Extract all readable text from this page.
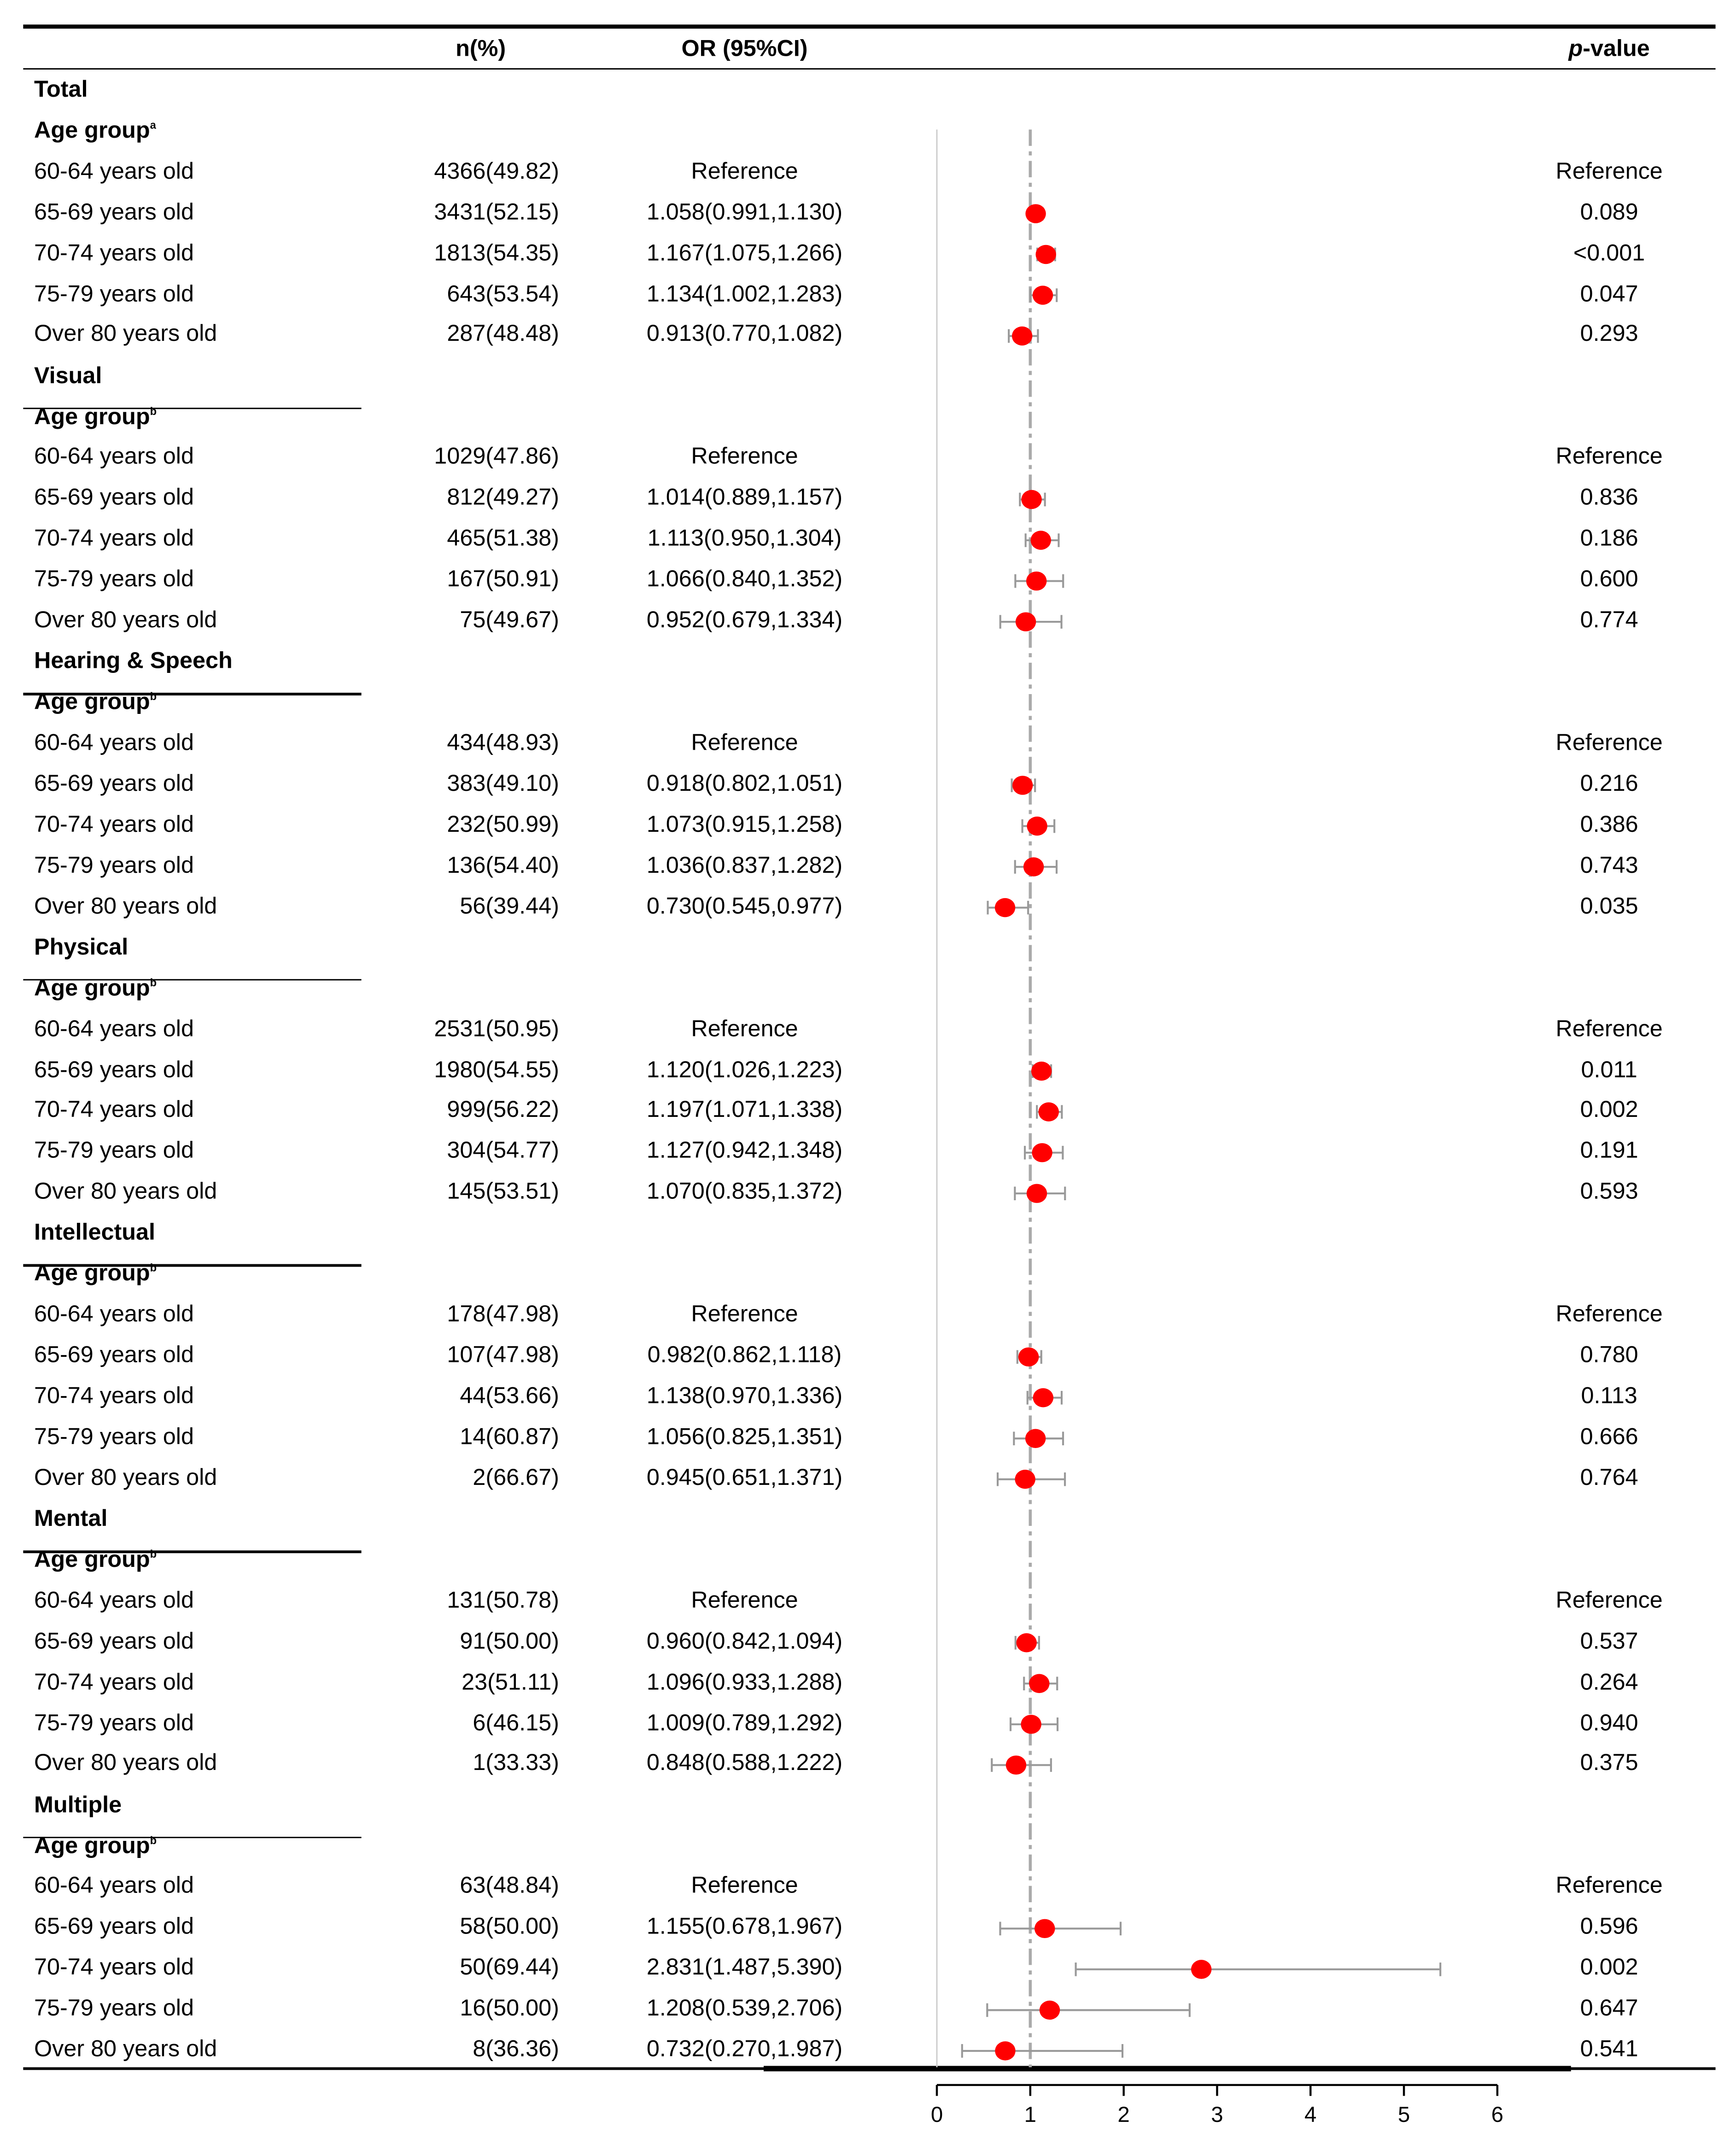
n(%)	OR (95%CI)	p-value
Total
Age group$^a$
60-64 years old	4366(49.82)	Reference	Reference
65-69 years old	3431(52.15)	1.058(0.991,1.130)	0.089
70-74 years old	1813(54.35)	1.167(1.075,1.266)	<0.001
75-79 years old	643(53.54)	1.134(1.002,1.283)	0.047
Over 80 years old	287(48.48)	0.913(0.770,1.082)	0.293
Visual
Age group$^b$
60-64 years old	1029(47.86)	Reference	Reference
65-69 years old	812(49.27)	1.014(0.889,1.157)	0.836
70-74 years old	465(51.38)	1.113(0.950,1.304)	0.186
75-79 years old	167(50.91)	1.066(0.840,1.352)	0.600
Over 80 years old	75(49.67)	0.952(0.679,1.334)	0.774
Hearing & Speech
Age group$^b$
60-64 years old	434(48.93)	Reference	Reference
65-69 years old	383(49.10)	0.918(0.802,1.051)	0.216
70-74 years old	232(50.99)	1.073(0.915,1.258)	0.386
75-79 years old	136(54.40)	1.036(0.837,1.282)	0.743
Over 80 years old	56(39.44)	0.730(0.545,0.977)	0.035
Physical
Age group$^b$
60-64 years old	2531(50.95)	Reference	Reference
65-69 years old	1980(54.55)	1.120(1.026,1.223)	0.011
70-74 years old	999(56.22)	1.197(1.071,1.338)	0.002
75-79 years old	304(54.77)	1.127(0.942,1.348)	0.191
Over 80 years old	145(53.51)	1.070(0.835,1.372)	0.593
Intellectual
Age group$^b$
60-64 years old	178(47.98)	Reference	Reference
65-69 years old	107(47.98)	0.982(0.862,1.118)	0.780
70-74 years old	44(53.66)	1.138(0.970,1.336)	0.113
75-79 years old	14(60.87)	1.056(0.825,1.351)	0.666
Over 80 years old	2(66.67)	0.945(0.651,1.371)	0.764
Mental
Age group$^b$
60-64 years old	131(50.78)	Reference	Reference
65-69 years old	91(50.00)	0.960(0.842,1.094)	0.537
70-74 years old	23(51.11)	1.096(0.933,1.288)	0.264
75-79 years old	6(46.15)	1.009(0.789,1.292)	0.940
Over 80 years old	1(33.33)	0.848(0.588,1.222)	0.375
Multiple
Age group$^b$
60-64 years old	63(48.84)	Reference	Reference
65-69 years old	58(50.00)	1.155(0.678,1.967)	0.596
70-74 years old	50(69.44)	2.831(1.487,5.390)	0.002
75-79 years old	16(50.00)	1.208(0.539,2.706)	0.647
Over 80 years old	8(36.36)	0.732(0.270,1.987)	0.541
0	1	2	3	4	5	6
